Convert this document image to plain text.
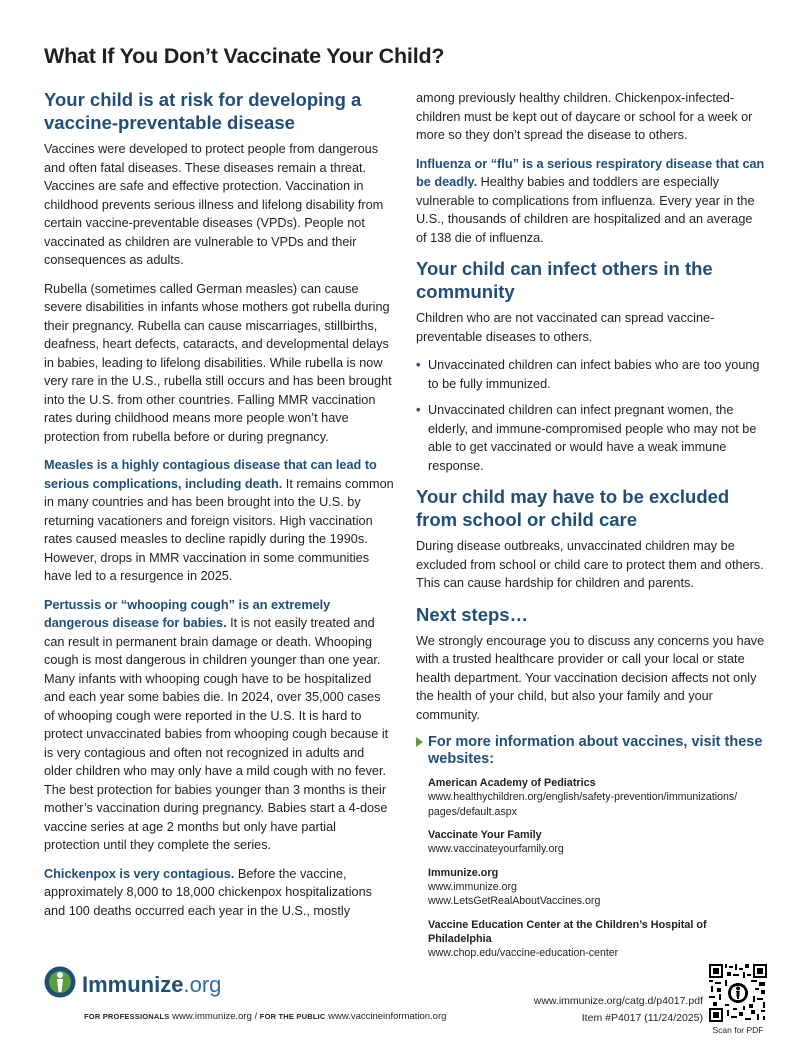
What If You Don’t Vaccinate Your Child?
Your child is at risk for developing a vaccine-preventable disease

Vaccines were developed to protect people from dangerous and often fatal diseases. These diseases remain a threat. Vaccines are safe and effective protection. Vaccination in childhood prevents serious illness and lifelong disability from certain vaccine-preventable diseases (VPDs). People not vaccinated as children are vulnerable to VPDs and their consequences as adults.

Rubella (sometimes called German measles) can cause severe disabilities in infants whose mothers got rubella during their pregnancy. Rubella can cause miscarriages, stillbirths, deafness, heart defects, cataracts, and developmental delays in babies, leading to lifelong disabilities. While rubella is now very rare in the U.S., rubella still occurs and has been brought into the U.S. from other countries. Falling MMR vaccination rates during childhood means more people won’t have protection from rubella before or during pregnancy.

Measles is a highly contagious disease that can lead to serious complications, including death. It remains common in many countries and has been brought into the U.S. by returning vacationers and foreign visitors. High vaccination rates caused measles to decline rapidly during the 1990s. However, drops in MMR vaccination in some communities have led to a resurgence in 2025.

Pertussis or “whooping cough” is an extremely dangerous disease for babies. It is not easily treated and can result in permanent brain damage or death. Whooping cough is most dangerous in children younger than one year. Many infants with whooping cough have to be hospitalized and each year some babies die. In 2024, over 35,000 cases of whooping cough were reported in the U.S. It is hard to protect unvaccinated babies from whooping cough because it is very contagious and often not recognized in adults and older children who may only have a mild cough with no fever. The best protection for babies younger than 3 months is their mother’s vaccination during pregnancy. Babies start a 4-dose vaccine series at age 2 months but only have partial protection until they complete the series.

Chickenpox is very contagious. Before the vaccine, approximately 8,000 to 18,000 chickenpox hospitalizations and 100 deaths occurred each year in the U.S., mostly

among previously healthy children. Chickenpox-infected-children must be kept out of daycare or school for a week or more so they don’t spread the disease to others.

Influenza or “flu” is a serious respiratory disease that can be deadly. Healthy babies and toddlers are especially vulnerable to complications from influenza. Every year in the U.S., thousands of children are hospitalized and an average of 138 die of influenza.

Your child can infect others in the community

Children who are not vaccinated can spread vaccine-preventable diseases to others.

• Unvaccinated children can infect babies who are too young to be fully immunized.
• Unvaccinated children can infect pregnant women, the elderly, and immune-compromised people who may not be able to get vaccinated or would have a weak immune response.
Your child may have to be excluded from school or child care

During disease outbreaks, unvaccinated children may be excluded from school or child care to protect them and others. This can cause hardship for children and parents.

Next steps…

We strongly encourage you to discuss any concerns you have with a trusted healthcare provider or call your local or state health department. Your vaccination decision affects not only the health of your child, but also your family and your community.

For more information about vaccines, visit these websites:
American Academy of Pediatrics
www.healthychildren.org/english/safety-prevention/immunizations/ pages/default.aspx
Vaccinate Your Family
www.vaccinateyourfamily.org
Immunize.org
www.immunize.org
www.LetsGetRealAboutVaccines.org
Vaccine Education Center at the Children’s Hospital of Philadelphia
www.chop.edu/vaccine-education-center
Immunize.org
FOR PROFESSIONALS www.immunize.org / FOR THE PUBLIC www.vaccineinformation.org
www.immunize.org/catg.d/p4017.pdf
Item #P4017 (11/24/2025)
Scan for PDF
